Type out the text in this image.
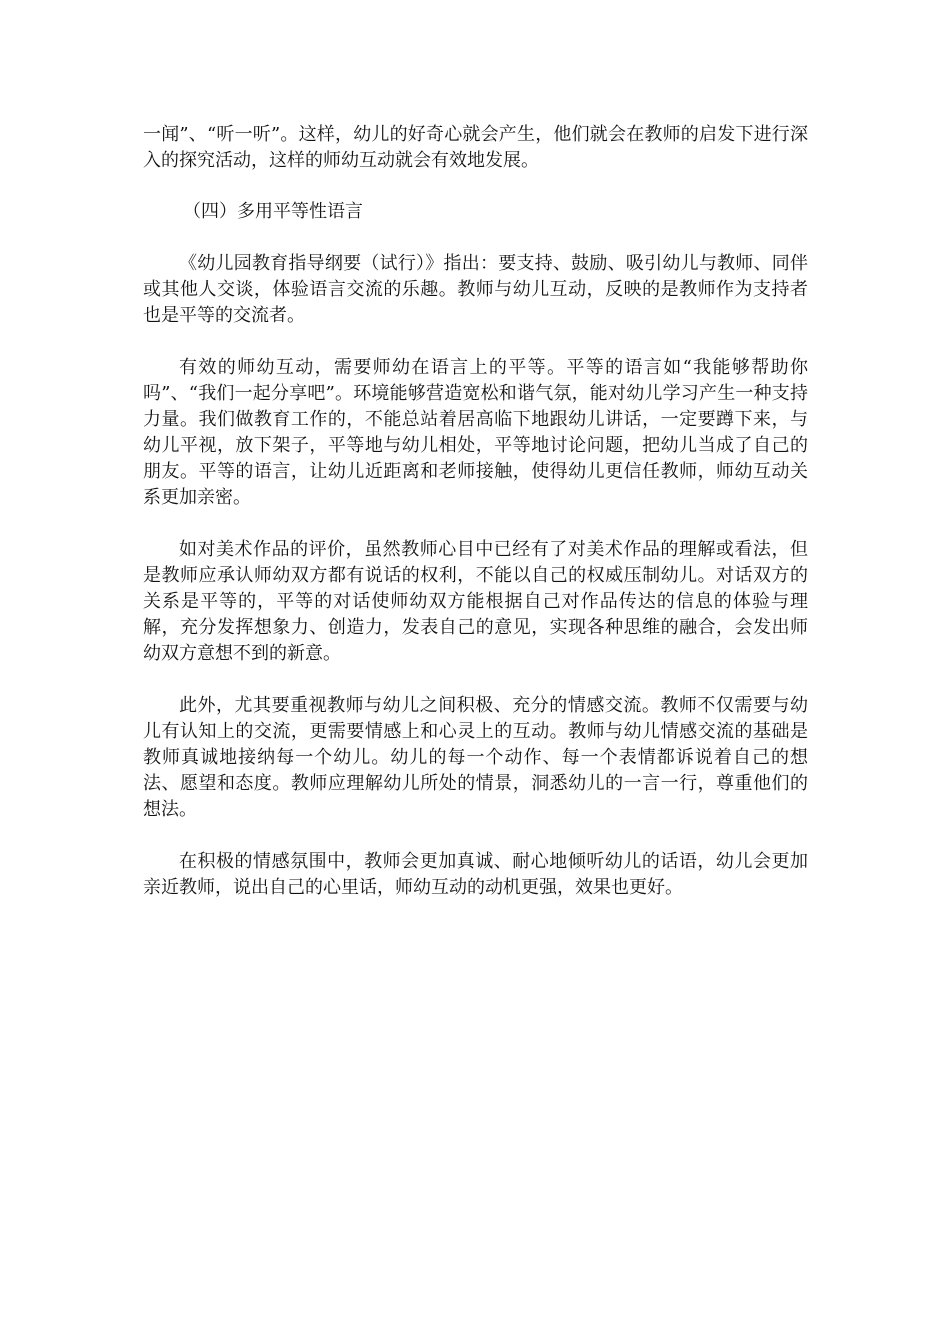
一闻”、“听一听”。这样，幼儿的好奇心就会产生，他们就会在教师的启发下进行深入的探究活动，这样的师幼互动就会有效地发展。

（四）多用平等性语言

《幼儿园教育指导纲要（试行）》指出：要支持、鼓励、吸引幼儿与教师、同伴或其他人交谈，体验语言交流的乐趣。教师与幼儿互动，反映的是教师作为支持者也是平等的交流者。

有效的师幼互动，需要师幼在语言上的平等。平等的语言如“我能够帮助你吗”、“我们一起分享吧”。环境能够营造宽松和谐气氛，能对幼儿学习产生一种支持力量。我们做教育工作的，不能总站着居高临下地跟幼儿讲话，一定要蹲下来，与幼儿平视，放下架子，平等地与幼儿相处，平等地讨论问题，把幼儿当成了自己的朋友。平等的语言，让幼儿近距离和老师接触，使得幼儿更信任教师，师幼互动关系更加亲密。

如对美术作品的评价，虽然教师心目中已经有了对美术作品的理解或看法，但是教师应承认师幼双方都有说话的权利，不能以自己的权威压制幼儿。对话双方的关系是平等的，平等的对话使师幼双方能根据自己对作品传达的信息的体验与理解，充分发挥想象力、创造力，发表自己的意见，实现各种思维的融合，会发出师幼双方意想不到的新意。

此外，尤其要重视教师与幼儿之间积极、充分的情感交流。教师不仅需要与幼儿有认知上的交流，更需要情感上和心灵上的互动。教师与幼儿情感交流的基础是教师真诚地接纳每一个幼儿。幼儿的每一个动作、每一个表情都诉说着自己的想法、愿望和态度。教师应理解幼儿所处的情景，洞悉幼儿的一言一行，尊重他们的想法。

在积极的情感氛围中，教师会更加真诚、耐心地倾听幼儿的话语，幼儿会更加亲近教师，说出自己的心里话，师幼互动的动机更强，效果也更好。
